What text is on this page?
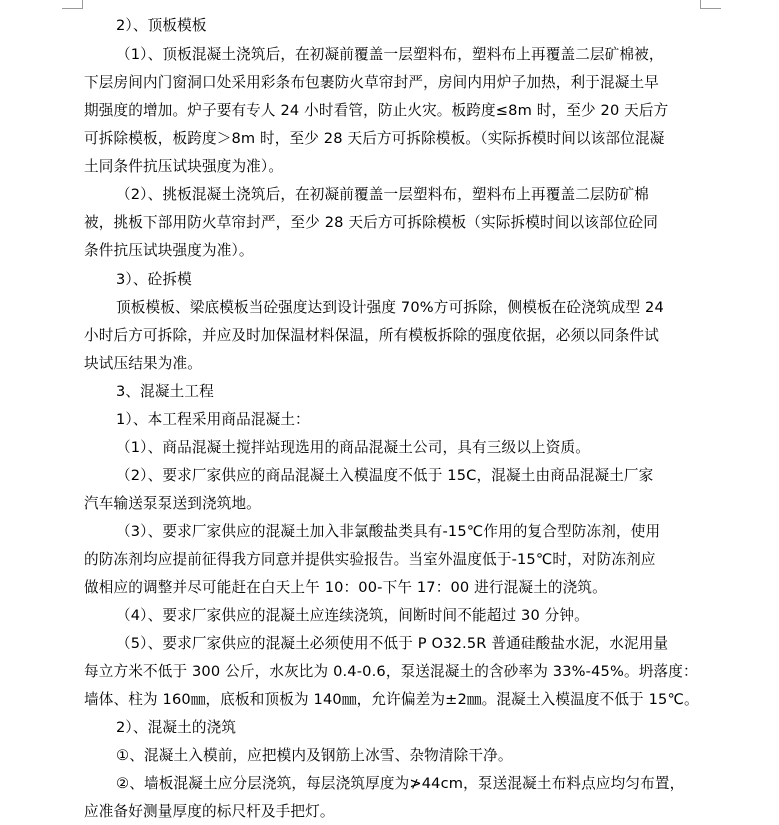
2）、顶板模板
（1）、顶板混凝土浇筑后，在初凝前覆盖一层塑料布，塑料布上再覆盖二层矿棉被，
下层房间内门窗洞口处采用彩条布包裹防火草帘封严，房间内用炉子加热，利于混凝土早
期强度的增加。炉子要有专人 24 小时看管，防止火灾。板跨度≤8m 时，至少 20 天后方
可拆除模板，板跨度＞8m 时，至少 28 天后方可拆除模板。（实际拆模时间以该部位混凝
土同条件抗压试块强度为准）。
（2）、挑板混凝土浇筑后，在初凝前覆盖一层塑料布，塑料布上再覆盖二层防矿棉
被，挑板下部用防火草帘封严，至少 28 天后方可拆除模板（实际拆模时间以该部位砼同
条件抗压试块强度为准）。
3）、砼拆模
顶板模板、梁底模板当砼强度达到设计强度 70%方可拆除，侧模板在砼浇筑成型 24
小时后方可拆除，并应及时加保温材料保温，所有模板拆除的强度依据，必须以同条件试
块试压结果为准。
3、混凝土工程
1）、本工程采用商品混凝土：
（1）、商品混凝土搅拌站现选用的商品混凝土公司，具有三级以上资质。
（2）、要求厂家供应的商品混凝土入模温度不低于 15C，混凝土由商品混凝土厂家
汽车输送泵泵送到浇筑地。
（3）、要求厂家供应的混凝土加入非氯酸盐类具有-15℃作用的复合型防冻剂，使用
的防冻剂均应提前征得我方同意并提供实验报告。当室外温度低于-15℃时，对防冻剂应
做相应的调整并尽可能赶在白天上午 10：00-下午 17：00 进行混凝土的浇筑。
（4）、要求厂家供应的混凝土应连续浇筑，间断时间不能超过 30 分钟。
（5）、要求厂家供应的混凝土必须使用不低于 P O32.5R 普通硅酸盐水泥，水泥用量
每立方米不低于 300 公斤，水灰比为 0.4-0.6，泵送混凝土的含砂率为 33%-45%。坍落度：
墙体、柱为 160㎜，底板和顶板为 140㎜，允许偏差为±2㎜。混凝土入模温度不低于 15℃。
2）、混凝土的浇筑
①、混凝土入模前，应把模内及钢筋上冰雪、杂物清除干净。
②、墙板混凝土应分层浇筑，每层浇筑厚度为≯44cm，泵送混凝土布料点应均匀布置，
应准备好测量厚度的标尺杆及手把灯。
